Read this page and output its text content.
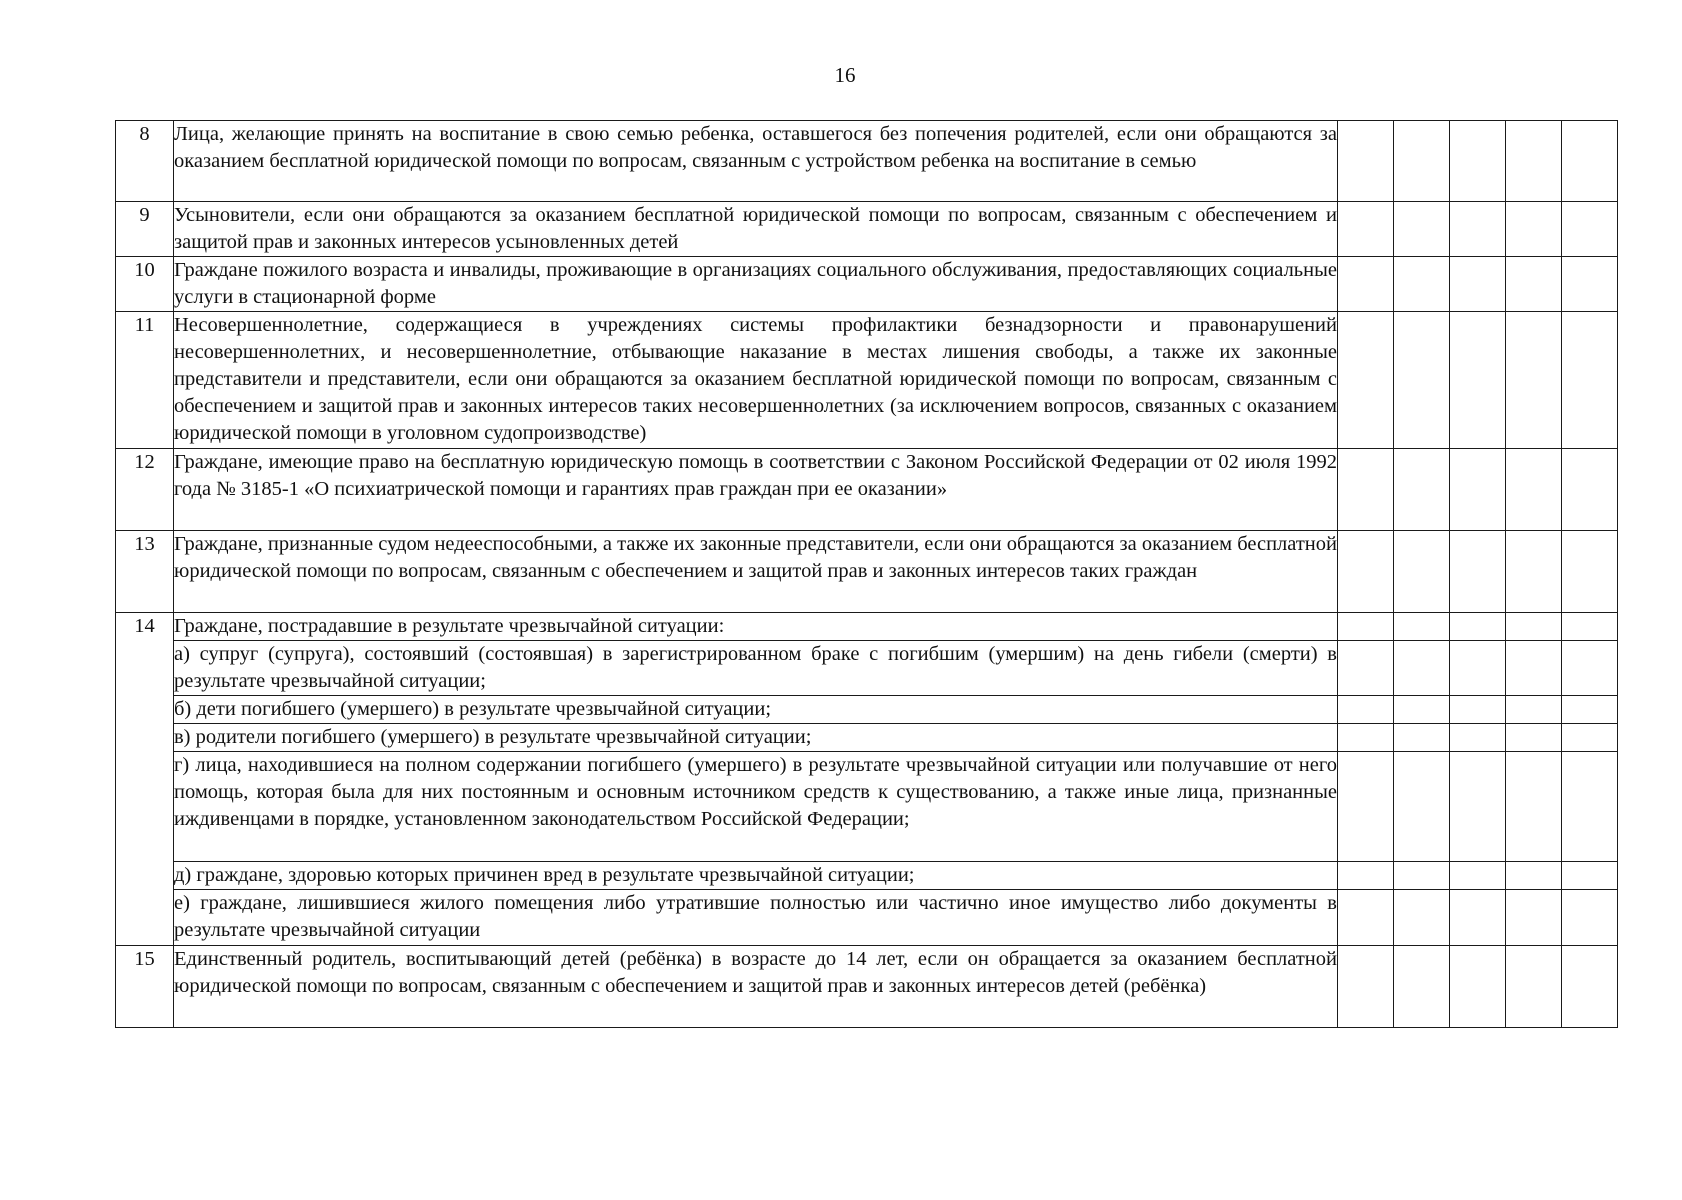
16
8	Лица, желающие принять на воспитание в свою семью ребенка, оставшегося без попечения родителей, если они обращаются за оказанием бесплатной юридической помощи по вопросам, связанным с устройством ребенка на воспитание в семью					
9	Усыновители, если они обращаются за оказанием бесплатной юридической помощи по вопросам, связанным с обеспечением и защитой прав и законных интересов усыновленных детей					
10	Граждане пожилого возраста и инвалиды, проживающие в организациях социального обслуживания, предоставляющих социальные услуги в стационарной форме					
11	Несовершеннолетние, содержащиеся в учреждениях системы профилактики безнадзорности и правонарушений несовершеннолетних, и несовершеннолетние, отбывающие наказание в местах лишения свободы, а также их законные представители и представители, если они обращаются за оказанием бесплатной юридической помощи по вопросам, связанным с обеспечением и защитой прав и законных интересов таких несовершеннолетних (за исключением вопросов, связанных с оказанием юридической помощи в уголовном судопроизводстве)					
12	Граждане, имеющие право на бесплатную юридическую помощь в соответствии с Законом Российской Федерации от 02 июля 1992 года № 3185-1 «О психиатрической помощи и гарантиях прав граждан при ее оказании»					
13	Граждане, признанные судом недееспособными, а также их законные представители, если они обращаются за оказанием бесплатной юридической помощи по вопросам, связанным с обеспечением и защитой прав и законных интересов таких граждан					
14	Граждане, пострадавшие в результате чрезвычайной ситуации:					
	а) супруг (супруга), состоявший (состоявшая) в зарегистрированном браке с погибшим (умершим) на день гибели (смерти) в результате чрезвычайной ситуации;					
	б) дети погибшего (умершего) в результате чрезвычайной ситуации;					
	в) родители погибшего (умершего) в результате чрезвычайной ситуации;					
	г) лица, находившиеся на полном содержании погибшего (умершего) в результате чрезвычайной ситуации или получавшие от него помощь, которая была для них постоянным и основным источником средств к существованию, а также иные лица, признанные иждивенцами в порядке, установленном законодательством Российской Федерации;					
	д) граждане, здоровью которых причинен вред в результате чрезвычайной ситуации;					
	е) граждане, лишившиеся жилого помещения либо утратившие полностью или частично иное имущество либо документы в результате чрезвычайной ситуации					
15	Единственный родитель, воспитывающий детей (ребёнка) в возрасте до 14 лет, если он обращается за оказанием бесплатной юридической помощи по вопросам, связанным с обеспечением и защитой прав и законных интересов детей (ребёнка)					
